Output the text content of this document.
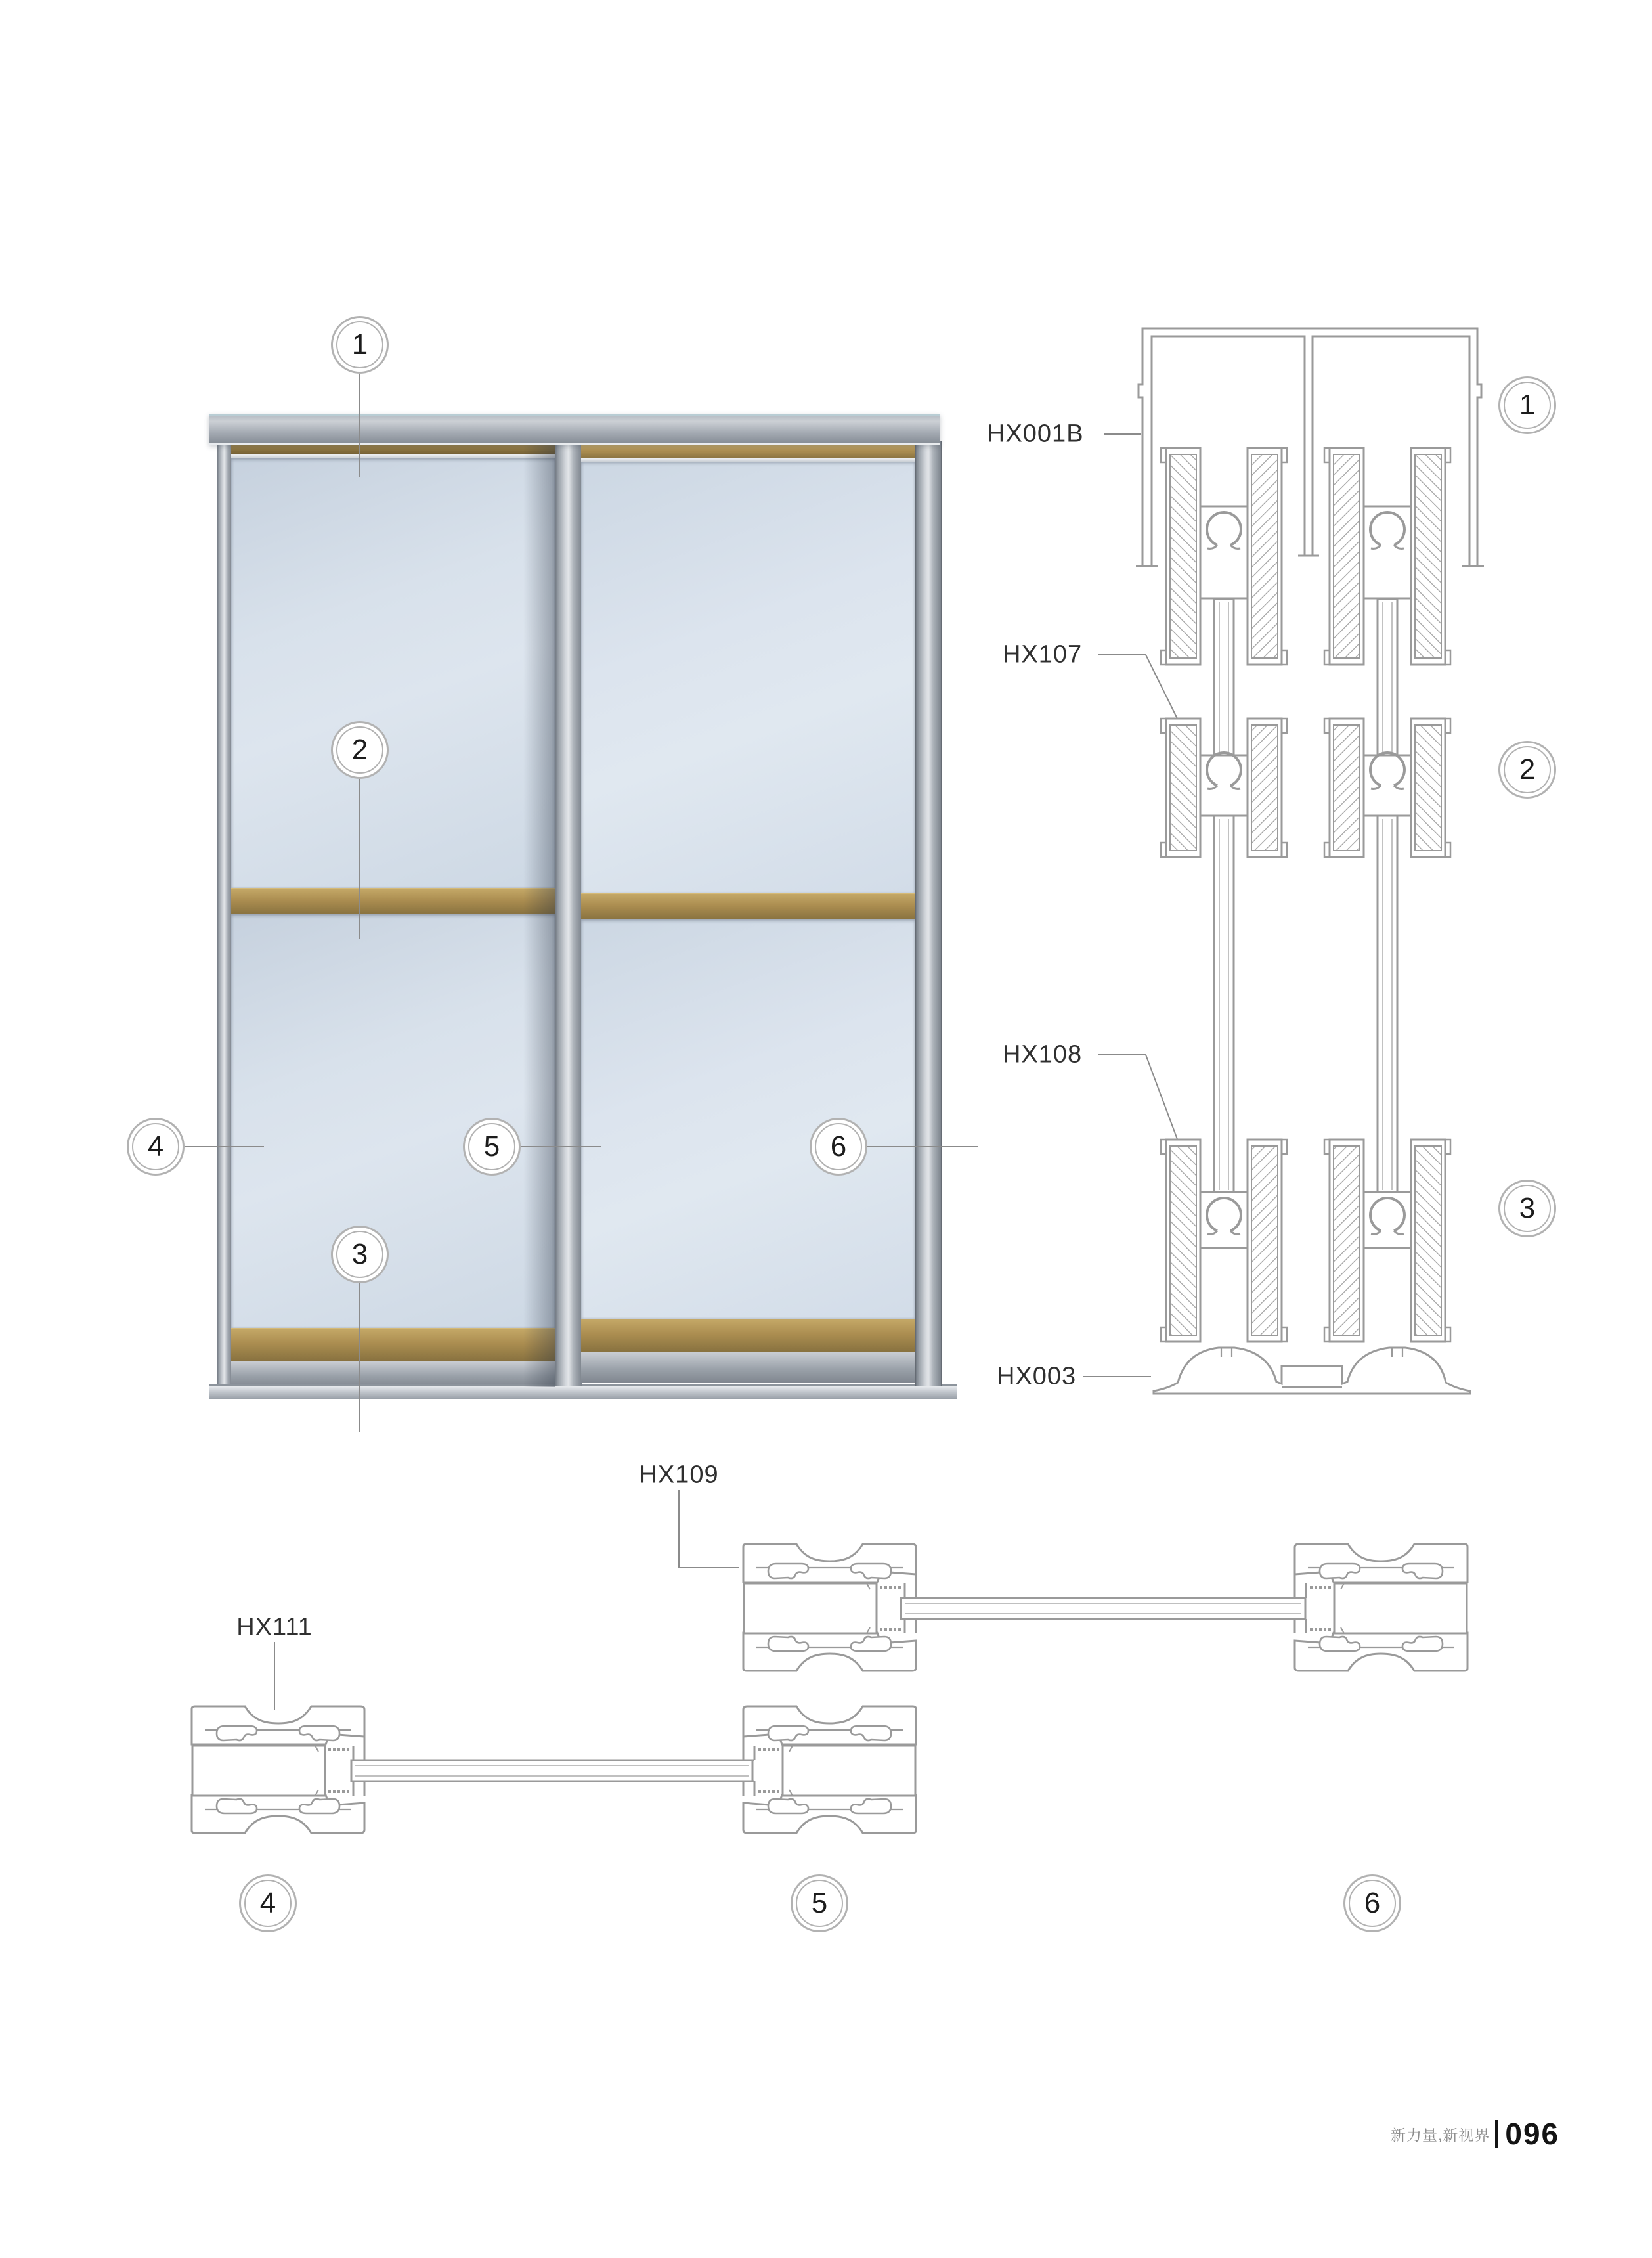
新力量,新视界 096
HX001B
HX107
HX108
HX003
HX109
HX111
1
2
3
4	5	6
1
2
3
4	5	6
